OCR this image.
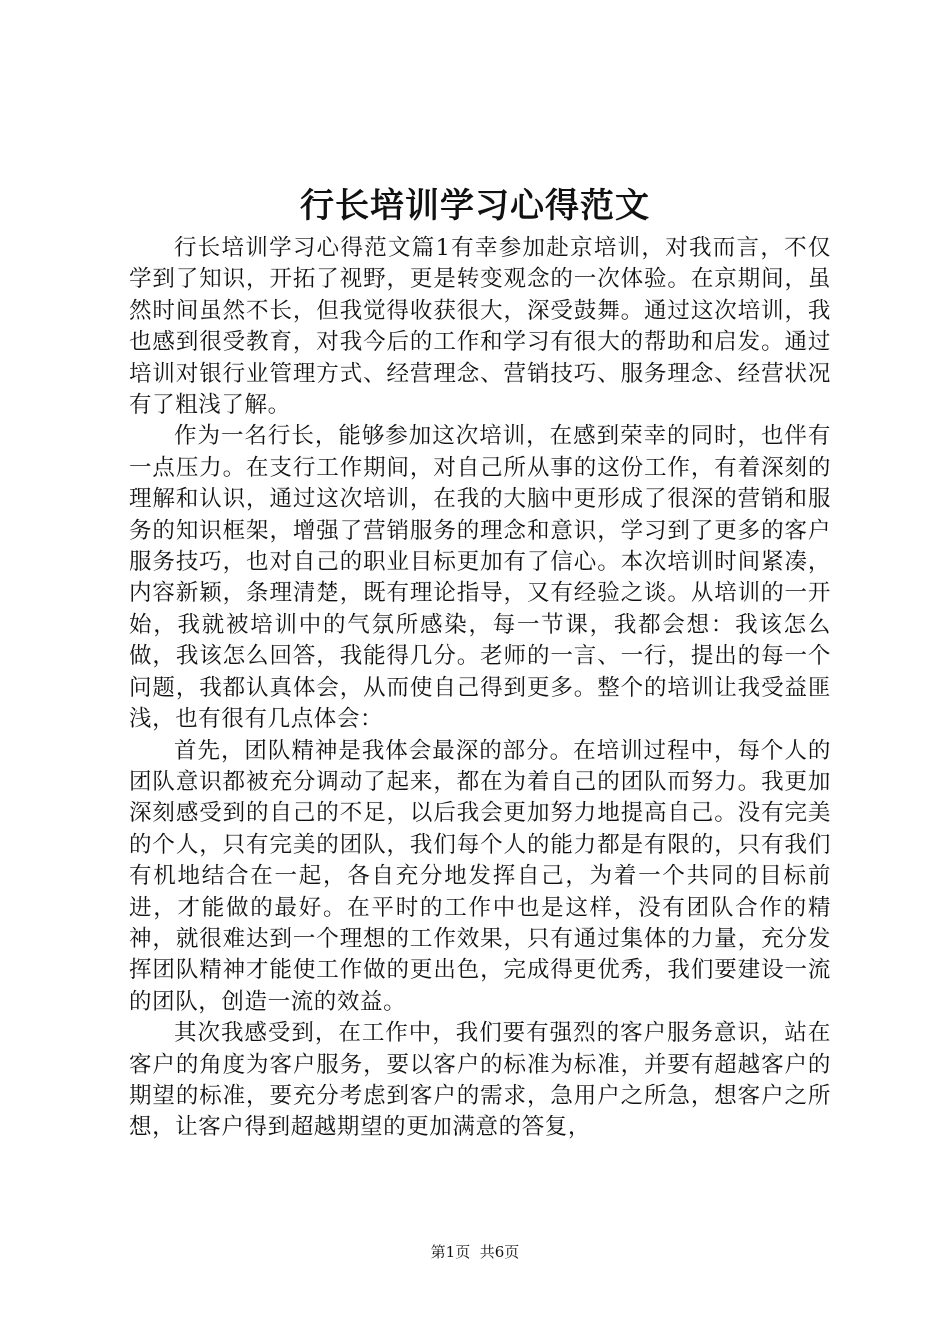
行长培训学习心得范文

行长培训学习心得范文篇1有幸参加赴京培训，对我而言，不仅学到了知识，开拓了视野，更是转变观念的一次体验。在京期间，虽然时间虽然不长，但我觉得收获很大，深受鼓舞。通过这次培训，我也感到很受教育，对我今后的工作和学习有很大的帮助和启发。通过培训对银行业管理方式、经营理念、营销技巧、服务理念、经营状况有了粗浅了解。

作为一名行长，能够参加这次培训，在感到荣幸的同时，也伴有一点压力。在支行工作期间，对自己所从事的这份工作，有着深刻的理解和认识，通过这次培训，在我的大脑中更形成了很深的营销和服务的知识框架，增强了营销服务的理念和意识，学习到了更多的客户服务技巧，也对自己的职业目标更加有了信心。本次培训时间紧凑，内容新颖，条理清楚，既有理论指导，又有经验之谈。从培训的一开始，我就被培训中的气氛所感染，每一节课，我都会想：我该怎么做，我该怎么回答，我能得几分。老师的一言、一行，提出的每一个问题，我都认真体会，从而使自己得到更多。整个的培训让我受益匪浅，也有很有几点体会：

首先，团队精神是我体会最深的部分。在培训过程中，每个人的团队意识都被充分调动了起来，都在为着自己的团队而努力。我更加深刻感受到的自己的不足，以后我会更加努力地提高自己。没有完美的个人，只有完美的团队，我们每个人的能力都是有限的，只有我们有机地结合在一起，各自充分地发挥自己，为着一个共同的目标前进，才能做的最好。在平时的工作中也是这样，没有团队合作的精神，就很难达到一个理想的工作效果，只有通过集体的力量，充分发挥团队精神才能使工作做的更出色，完成得更优秀，我们要建设一流的团队，创造一流的效益。

其次我感受到，在工作中，我们要有强烈的客户服务意识，站在客户的角度为客户服务，要以客户的标准为标准，并要有超越客户的期望的标准，要充分考虑到客户的需求，急用户之所急，想客户之所想，让客户得到超越期望的更加满意的答复，

第1页 共6页
